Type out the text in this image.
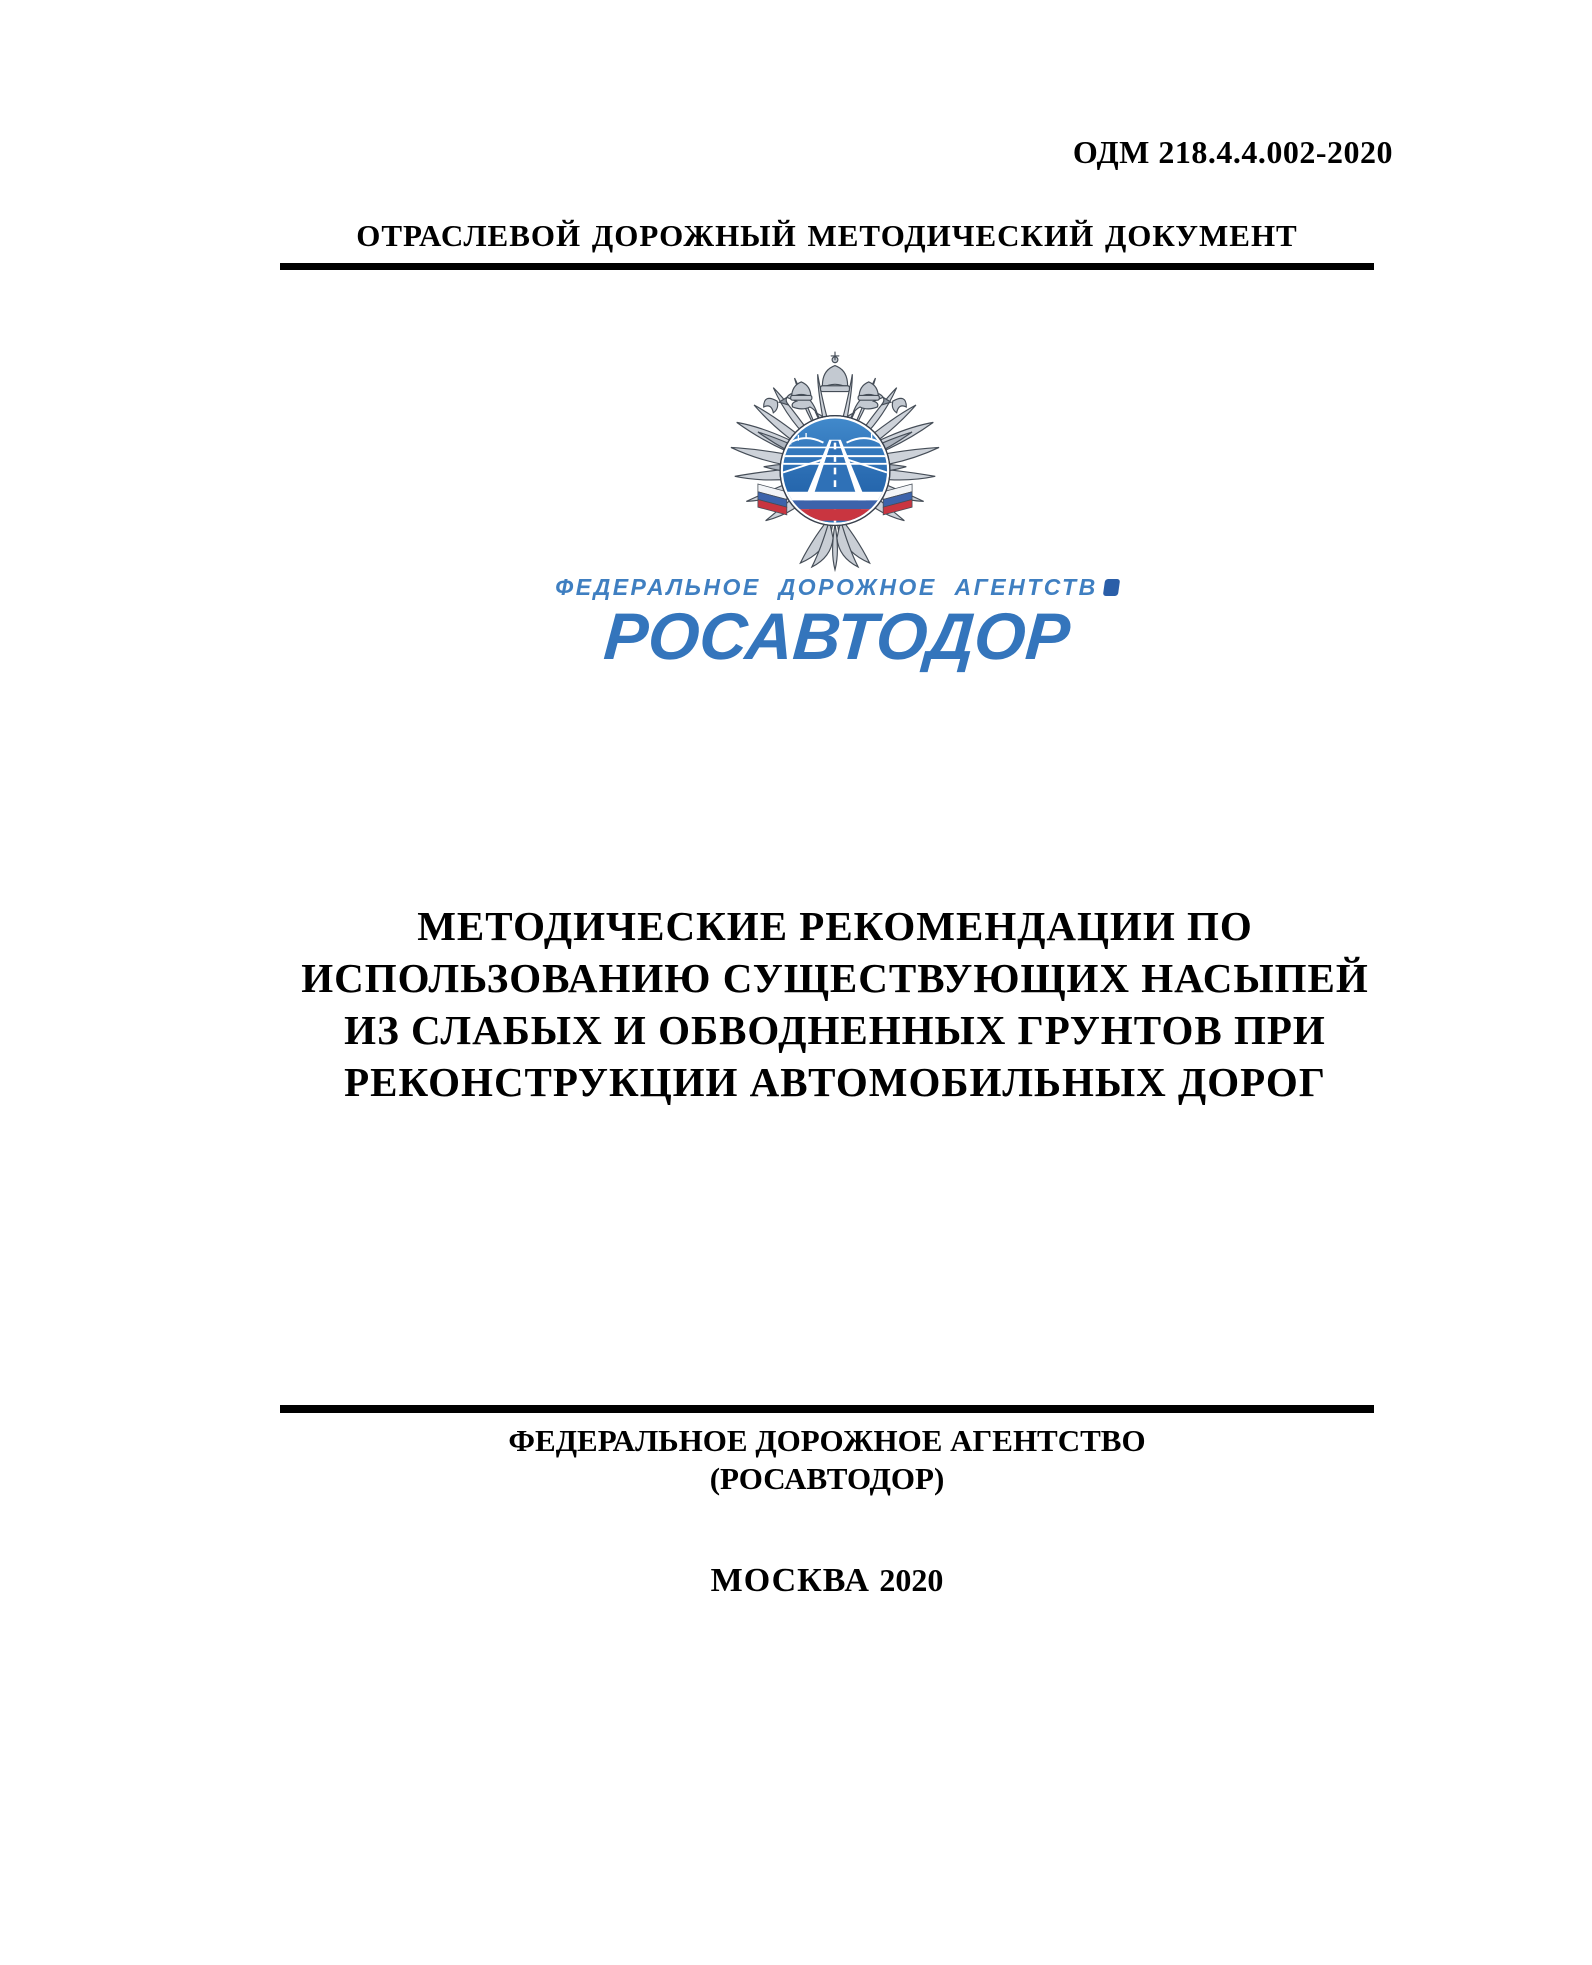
ОДМ 218.4.4.002-2020
ОТРАСЛЕВОЙ ДОРОЖНЫЙ МЕТОДИЧЕСКИЙ ДОКУМЕНТ
ФЕДЕРАЛЬНОЕ ДОРОЖНОЕ АГЕНТСТВ
РОСАВТОДОР
МЕТОДИЧЕСКИЕ РЕКОМЕНДАЦИИ ПО
ИСПОЛЬЗОВАНИЮ СУЩЕСТВУЮЩИХ НАСЫПЕЙ
ИЗ СЛАБЫХ И ОБВОДНЕННЫХ ГРУНТОВ ПРИ
РЕКОНСТРУКЦИИ АВТОМОБИЛЬНЫХ ДОРОГ
ФЕДЕРАЛЬНОЕ ДОРОЖНОЕ АГЕНТСТВО
(РОСАВТОДОР)
МОСКВА 2020
